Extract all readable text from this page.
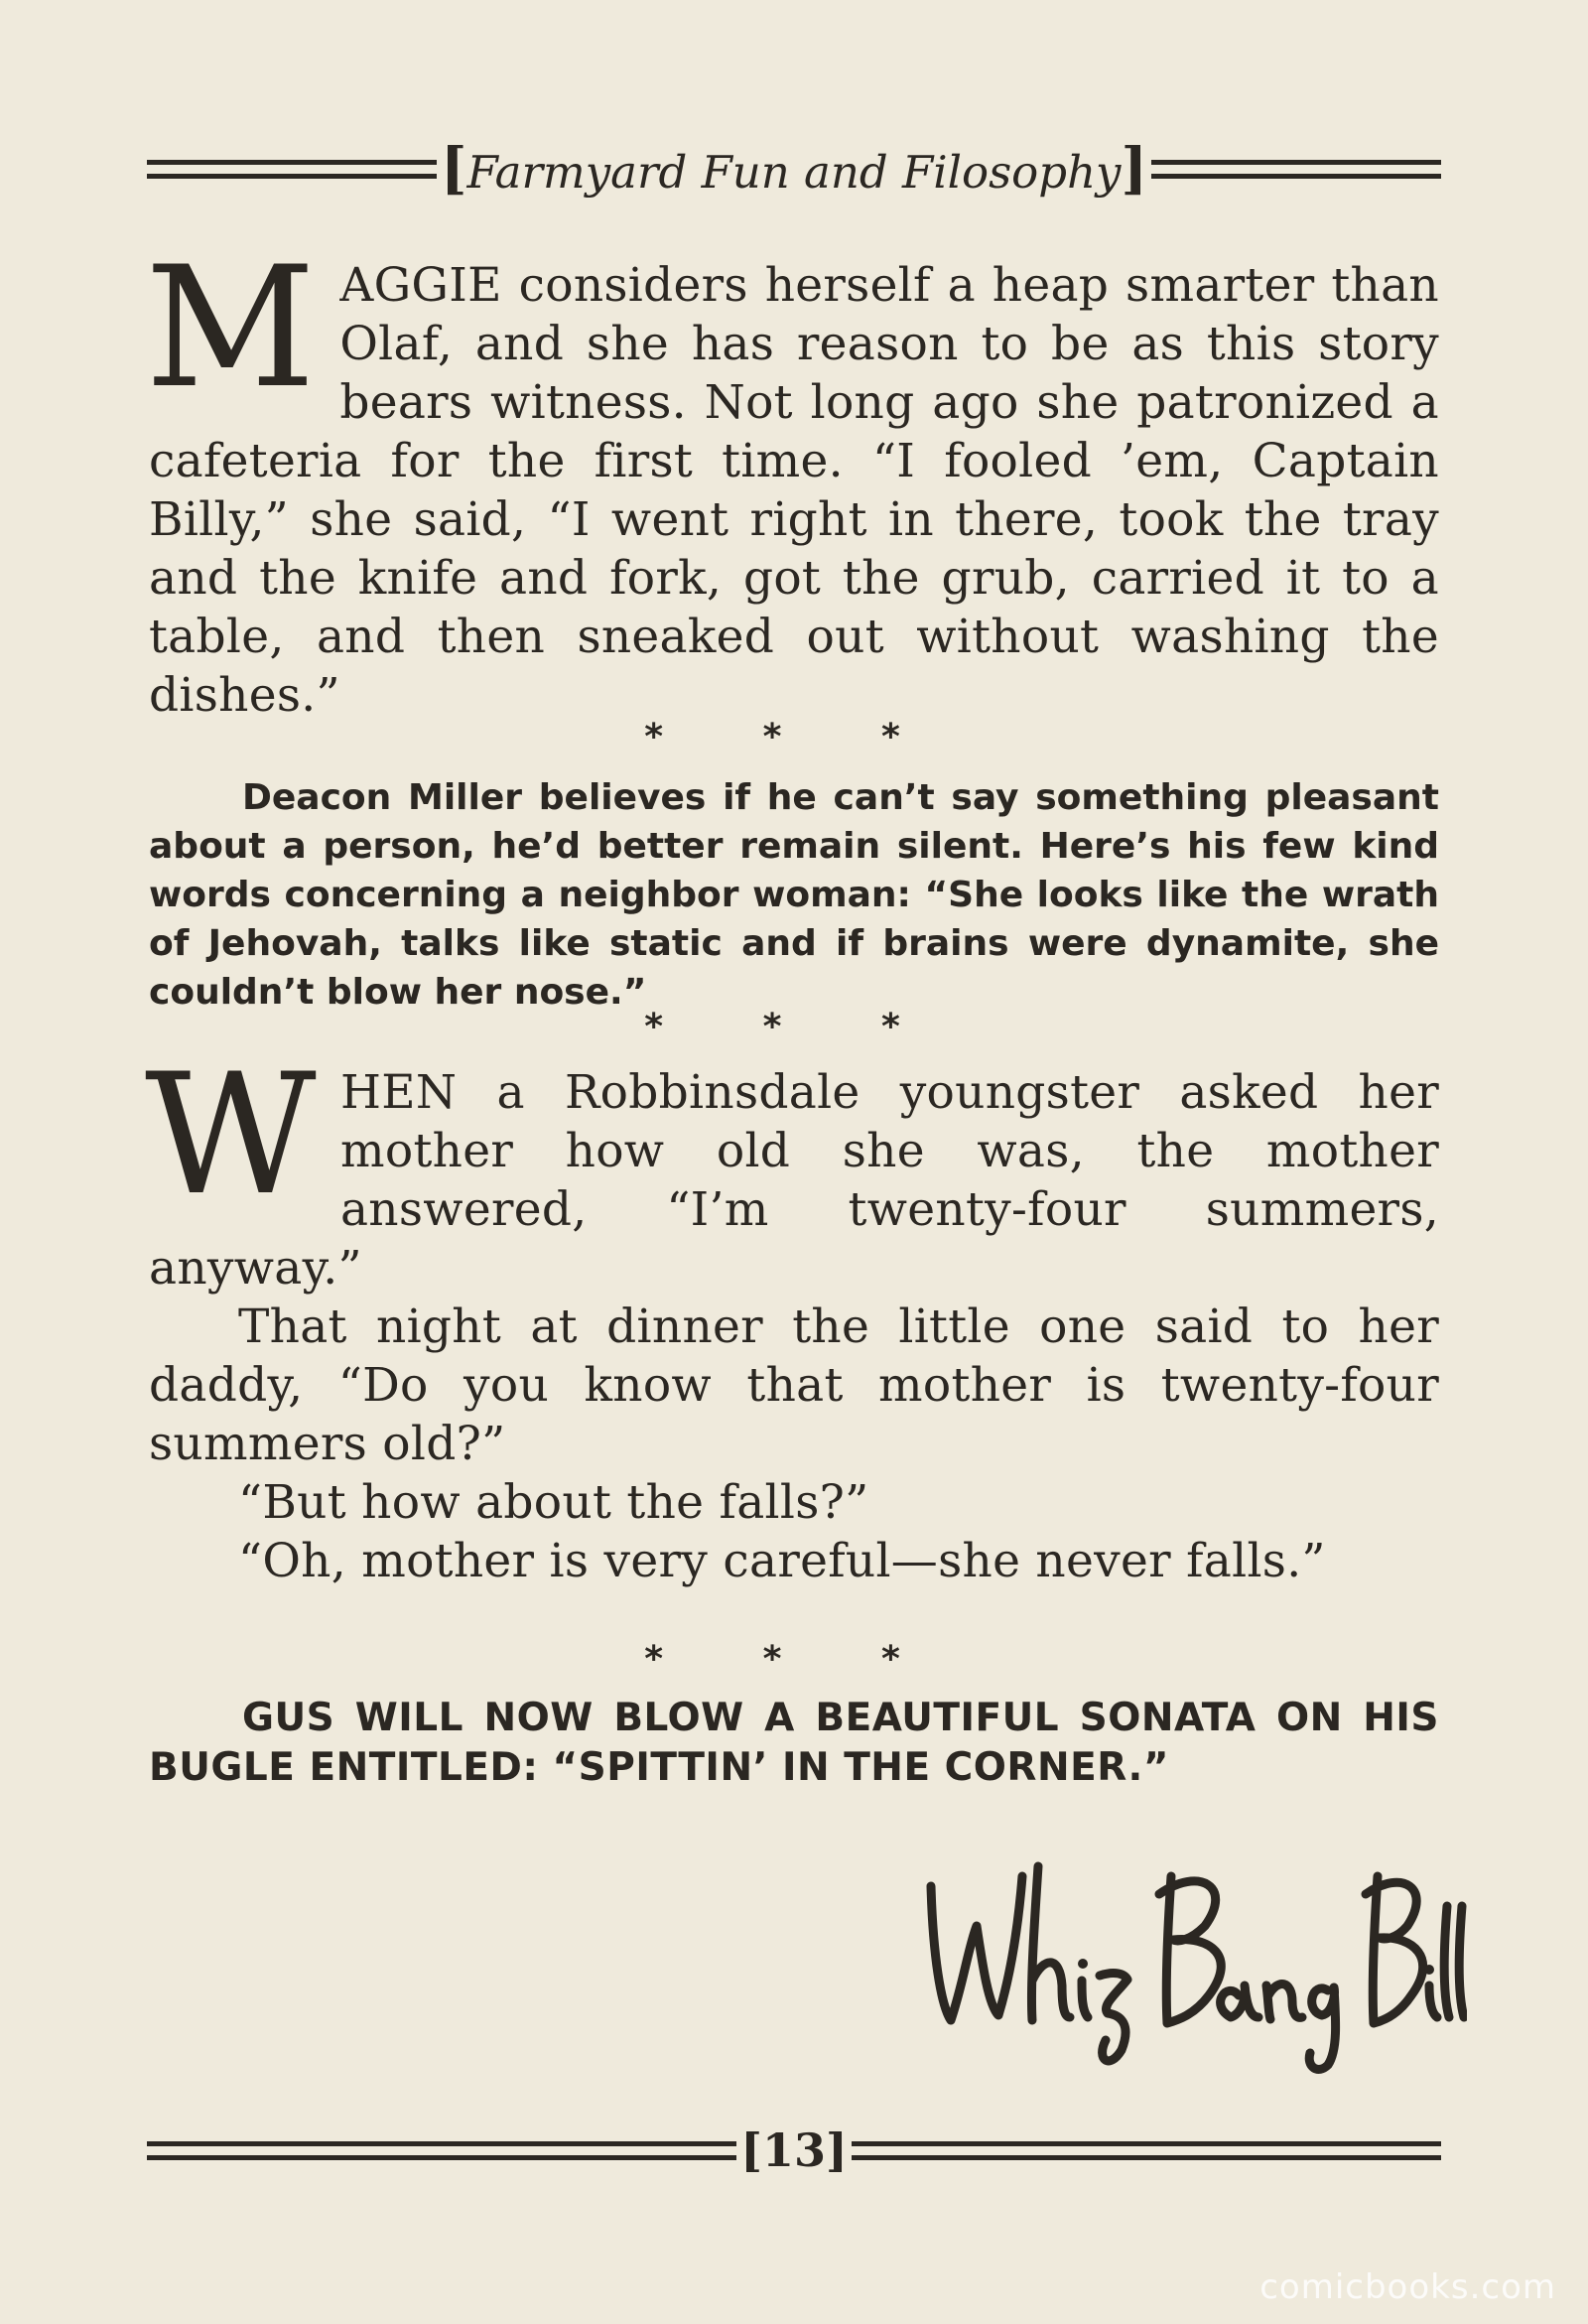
[Farmyard Fun and Filosophy]
M AGGIE considers herself a heap smarter than Olaf, and she has reason to be as this story bears witness. Not long ago she patronized a cafeteria for the first time. “I fooled ’em, Captain Billy,” she said, “I went right in there, took the tray and the knife and fork, got the grub, carried it to a table, and then sneaked out without washing the dishes.”

* * *

Deacon Miller believes if he can’t say something pleasant about a person, he’d better remain silent. Here’s his few kind words concerning a neighbor woman: “She looks like the wrath of Jehovah, talks like static and if brains were dynamite, she couldn’t blow her nose.”

* * *
W HEN a Robbinsdale youngster asked her mother how old she was, the mother answered, “I’m twenty-four summers, anyway.”

That night at dinner the little one said to her daddy, “Do you know that mother is twenty-four summers old?”

“But how about the falls?”

“Oh, mother is very careful—she never falls.”

* * *

GUS WILL NOW BLOW A BEAUTIFUL SONATA ON HIS BUGLE ENTITLED: “SPITTIN’ IN THE CORNER.”

[13]
comicbooks.com
